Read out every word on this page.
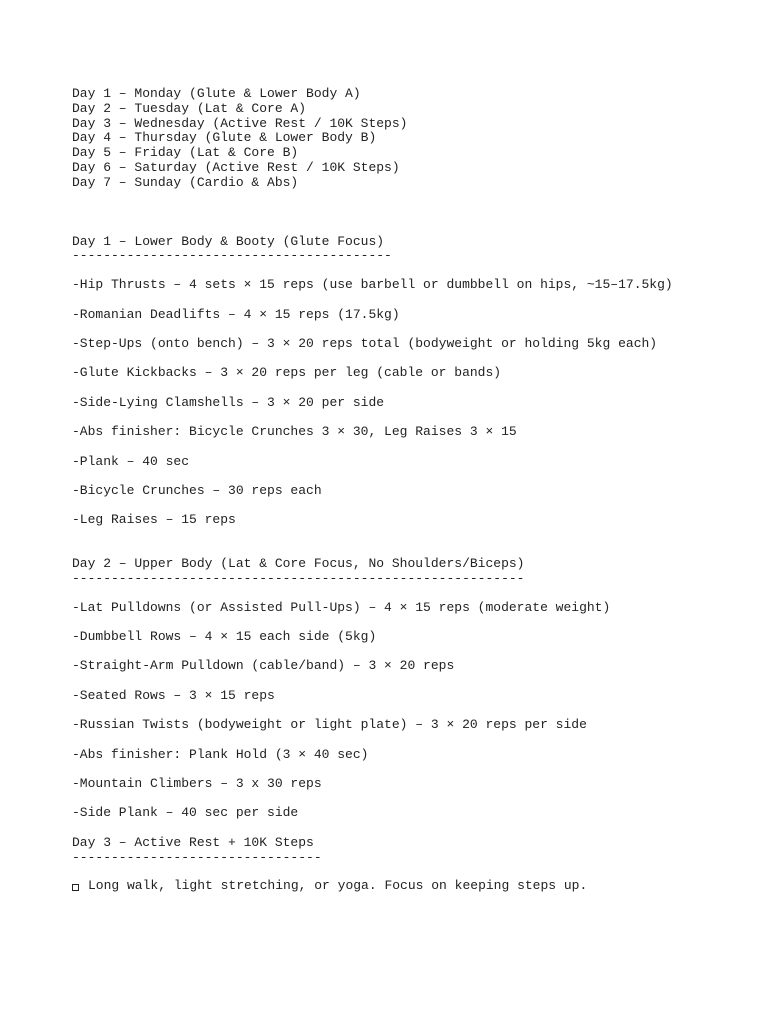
Day 1 – Monday (Glute & Lower Body A)
Day 2 – Tuesday (Lat & Core A)
Day 3 – Wednesday (Active Rest / 10K Steps)
Day 4 – Thursday (Glute & Lower Body B)
Day 5 – Friday (Lat & Core B)
Day 6 – Saturday (Active Rest / 10K Steps)
Day 7 – Sunday (Cardio & Abs)
Day 1 – Lower Body & Booty (Glute Focus)
-----------------------------------------
-Hip Thrusts – 4 sets × 15 reps (use barbell or dumbbell on hips, ~15–17.5kg)
-Romanian Deadlifts – 4 × 15 reps (17.5kg)
-Step-Ups (onto bench) – 3 × 20 reps total (bodyweight or holding 5kg each)
-Glute Kickbacks – 3 × 20 reps per leg (cable or bands)
-Side-Lying Clamshells – 3 × 20 per side
-Abs finisher: Bicycle Crunches 3 × 30, Leg Raises 3 × 15
-Plank – 40 sec
-Bicycle Crunches – 30 reps each
-Leg Raises – 15 reps
Day 2 – Upper Body (Lat & Core Focus, No Shoulders/Biceps)
----------------------------------------------------------
-Lat Pulldowns (or Assisted Pull-Ups) – 4 × 15 reps (moderate weight)
-Dumbbell Rows – 4 × 15 each side (5kg)
-Straight-Arm Pulldown (cable/band) – 3 × 20 reps
-Seated Rows – 3 × 15 reps
-Russian Twists (bodyweight or light plate) – 3 × 20 reps per side
-Abs finisher: Plank Hold (3 × 40 sec)
-Mountain Climbers – 3 x 30 reps
-Side Plank – 40 sec per side
Day 3 – Active Rest + 10K Steps
--------------------------------
Long walk, light stretching, or yoga. Focus on keeping steps up.
